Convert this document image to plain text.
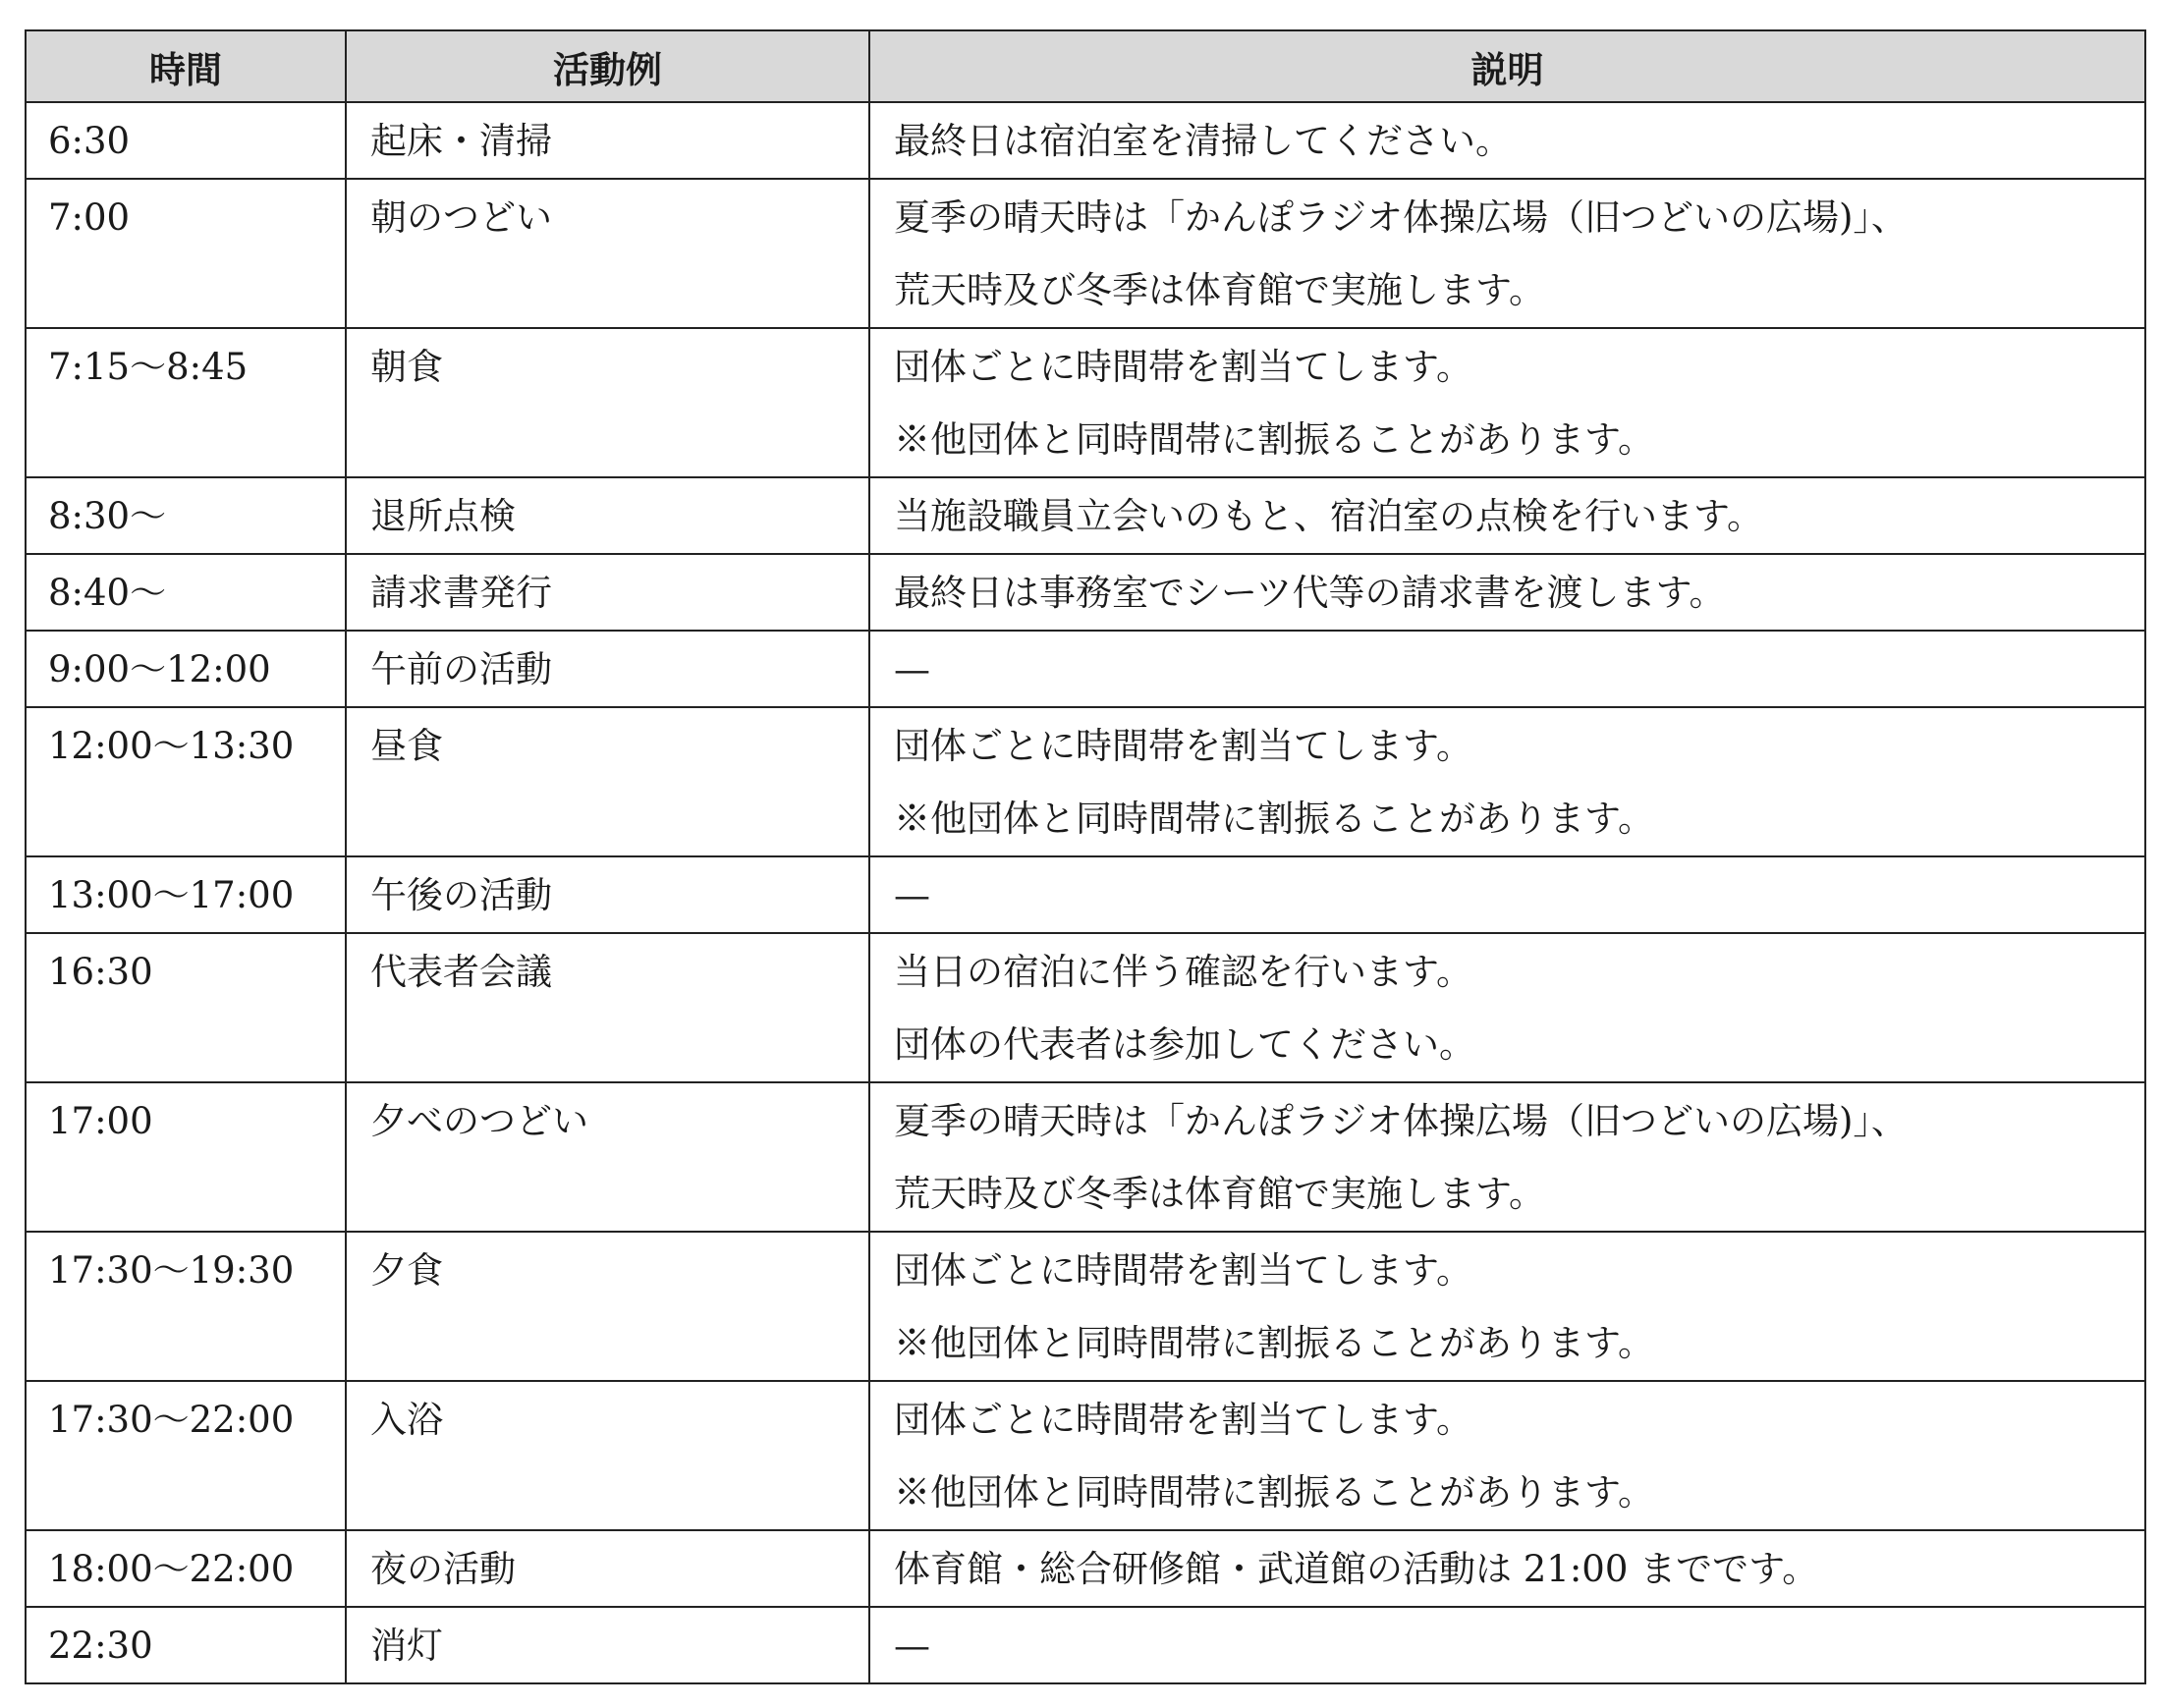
時間	活動例	説明
6:30	起床・清掃	最終日は宿泊室を清掃してください。

7:00	朝のつどい	夏季の晴天時は「かんぽラジオ体操広場（旧つどいの広場)」、
荒天時及び冬季は体育館で実施します。

7:15〜8:45	朝食	団体ごとに時間帯を割当てします。
※他団体と同時間帯に割振ることがあります。

8:30〜	退所点検	当施設職員立会いのもと、宿泊室の点検を行います。

8:40〜	請求書発行	最終日は事務室でシーツ代等の請求書を渡します。

9:00〜12:00	午前の活動	—

12:00〜13:30	昼食	団体ごとに時間帯を割当てします。
※他団体と同時間帯に割振ることがあります。

13:00〜17:00	午後の活動	—

16:30	代表者会議	当日の宿泊に伴う確認を行います。
団体の代表者は参加してください。

17:00	夕べのつどい	夏季の晴天時は「かんぽラジオ体操広場（旧つどいの広場)」、
荒天時及び冬季は体育館で実施します。

17:30〜19:30	夕食	団体ごとに時間帯を割当てします。
※他団体と同時間帯に割振ることがあります。

17:30〜22:00	入浴	団体ごとに時間帯を割当てします。
※他団体と同時間帯に割振ることがあります。

18:00〜22:00	夜の活動	体育館・総合研修館・武道館の活動は 21:00 までです。

22:30	消灯	—
